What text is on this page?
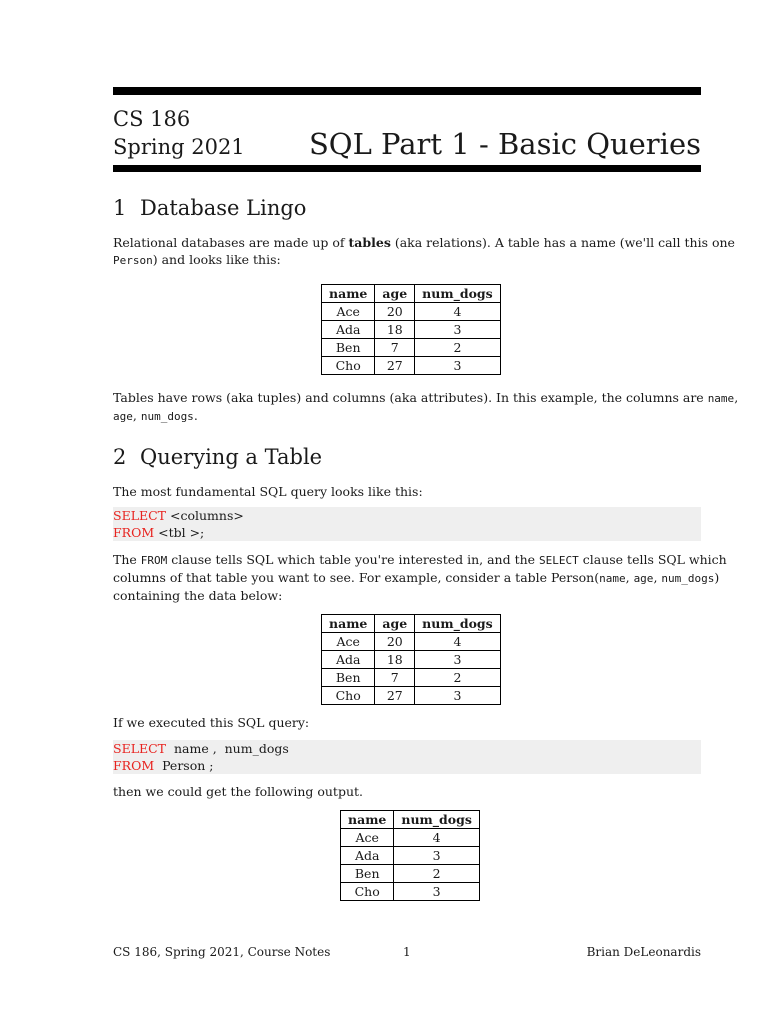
CS 186
Spring 2021 SQL Part 1 - Basic Queries
1 Database Lingo
Relational databases are made up of tables (aka relations). A table has a name (we'll call this one
Person) and looks like this:
name	age	num_dogs
Ace	20	4
Ada	18	3
Ben	7	2
Cho	27	3
Tables have rows (aka tuples) and columns (aka attributes). In this example, the columns are name,
age, num_dogs.
2 Querying a Table
The most fundamental SQL query looks like this:
SELECT <columns>
FROM <tbl >;
The FROM clause tells SQL which table you're interested in, and the SELECT clause tells SQL which
columns of that table you want to see. For example, consider a table Person(name, age, num_dogs)
containing the data below:
name	age	num_dogs
Ace	20	4
Ada	18	3
Ben	7	2
Cho	27	3
If we executed this SQL query:
SELECT  name ,  num_dogs
FROM  Person ;
then we could get the following output.
name	num_dogs
Ace	4
Ada	3
Ben	2
Cho	3
CS 186, Spring 2021, Course Notes	1	Brian DeLeonardis
